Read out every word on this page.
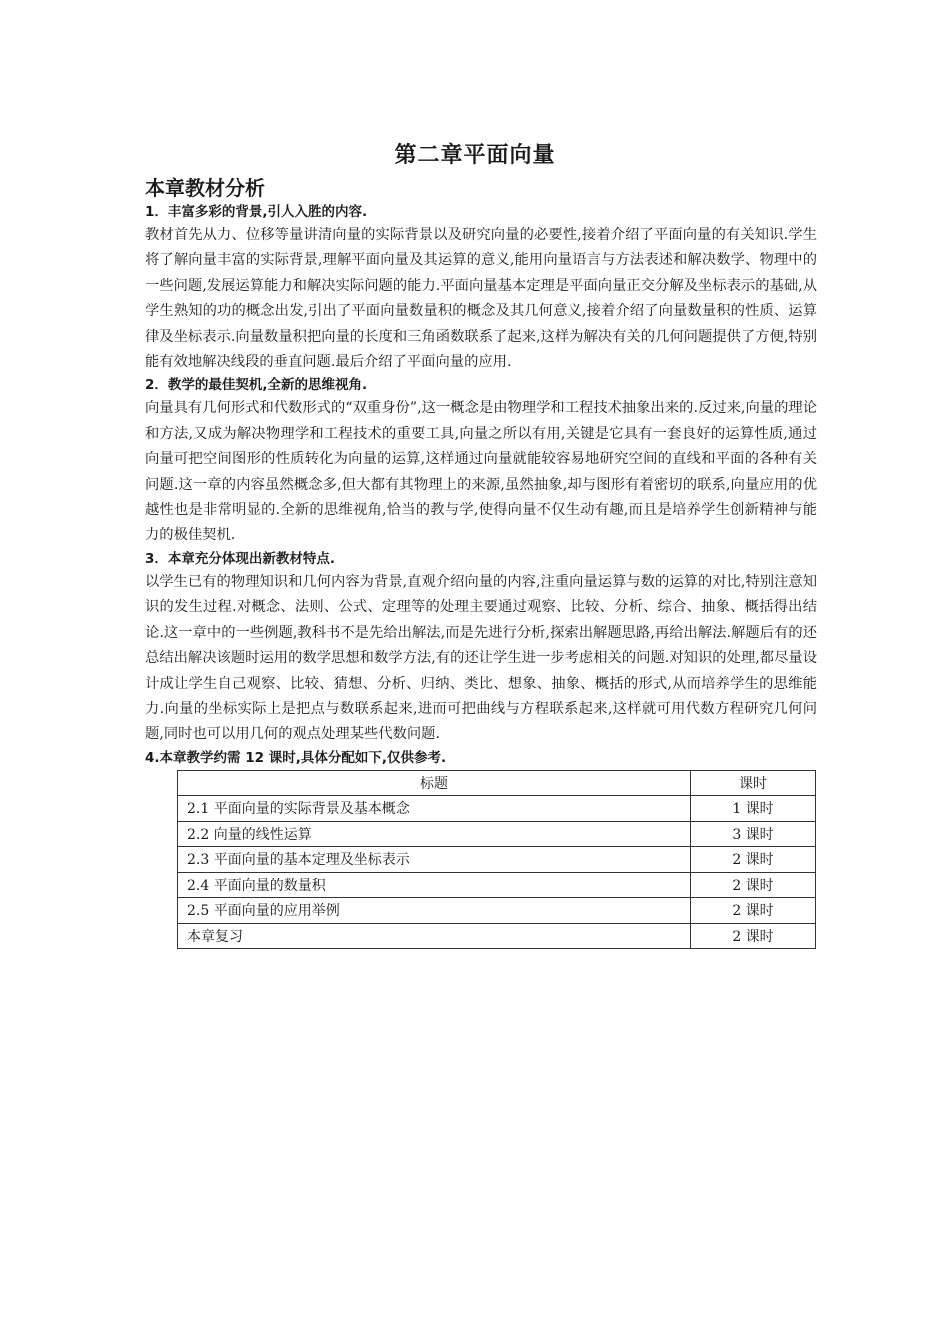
第二章平面向量
本章教材分析

1．丰富多彩的背景,引人入胜的内容.

教材首先从力、位移等量讲清向量的实际背景以及研究向量的必要性,接着介绍了平面向量的有关知识.学生将了解向量丰富的实际背景,理解平面向量及其运算的意义,能用向量语言与方法表述和解决数学、物理中的一些问题,发展运算能力和解决实际问题的能力.平面向量基本定理是平面向量正交分解及坐标表示的基础,从学生熟知的功的概念出发,引出了平面向量数量积的概念及其几何意义,接着介绍了向量数量积的性质、运算律及坐标表示.向量数量积把向量的长度和三角函数联系了起来,这样为解决有关的几何问题提供了方便,特别能有效地解决线段的垂直问题.最后介绍了平面向量的应用.

2．教学的最佳契机,全新的思维视角.

向量具有几何形式和代数形式的“双重身份”,这一概念是由物理学和工程技术抽象出来的.反过来,向量的理论和方法,又成为解决物理学和工程技术的重要工具,向量之所以有用,关键是它具有一套良好的运算性质,通过向量可把空间图形的性质转化为向量的运算,这样通过向量就能较容易地研究空间的直线和平面的各种有关问题.这一章的内容虽然概念多,但大都有其物理上的来源,虽然抽象,却与图形有着密切的联系,向量应用的优越性也是非常明显的.全新的思维视角,恰当的教与学,使得向量不仅生动有趣,而且是培养学生创新精神与能力的极佳契机.

3．本章充分体现出新教材特点.

以学生已有的物理知识和几何内容为背景,直观介绍向量的内容,注重向量运算与数的运算的对比,特别注意知识的发生过程.对概念、法则、公式、定理等的处理主要通过观察、比较、分析、综合、抽象、概括得出结论.这一章中的一些例题,教科书不是先给出解法,而是先进行分析,探索出解题思路,再给出解法.解题后有的还总结出解决该题时运用的数学思想和数学方法,有的还让学生进一步考虑相关的问题.对知识的处理,都尽量设计成让学生自己观察、比较、猜想、分析、归纳、类比、想象、抽象、概括的形式,从而培养学生的思维能力.向量的坐标实际上是把点与数联系起来,进而可把曲线与方程联系起来,这样就可用代数方程研究几何问题,同时也可以用几何的观点处理某些代数问题.

4.本章教学约需 12 课时,具体分配如下,仅供参考.

标题	课时
2.1 平面向量的实际背景及基本概念	1 课时
2.2 向量的线性运算	3 课时
2.3 平面向量的基本定理及坐标表示	2 课时
2.4 平面向量的数量积	2 课时
2.5 平面向量的应用举例	2 课时
本章复习	2 课时
